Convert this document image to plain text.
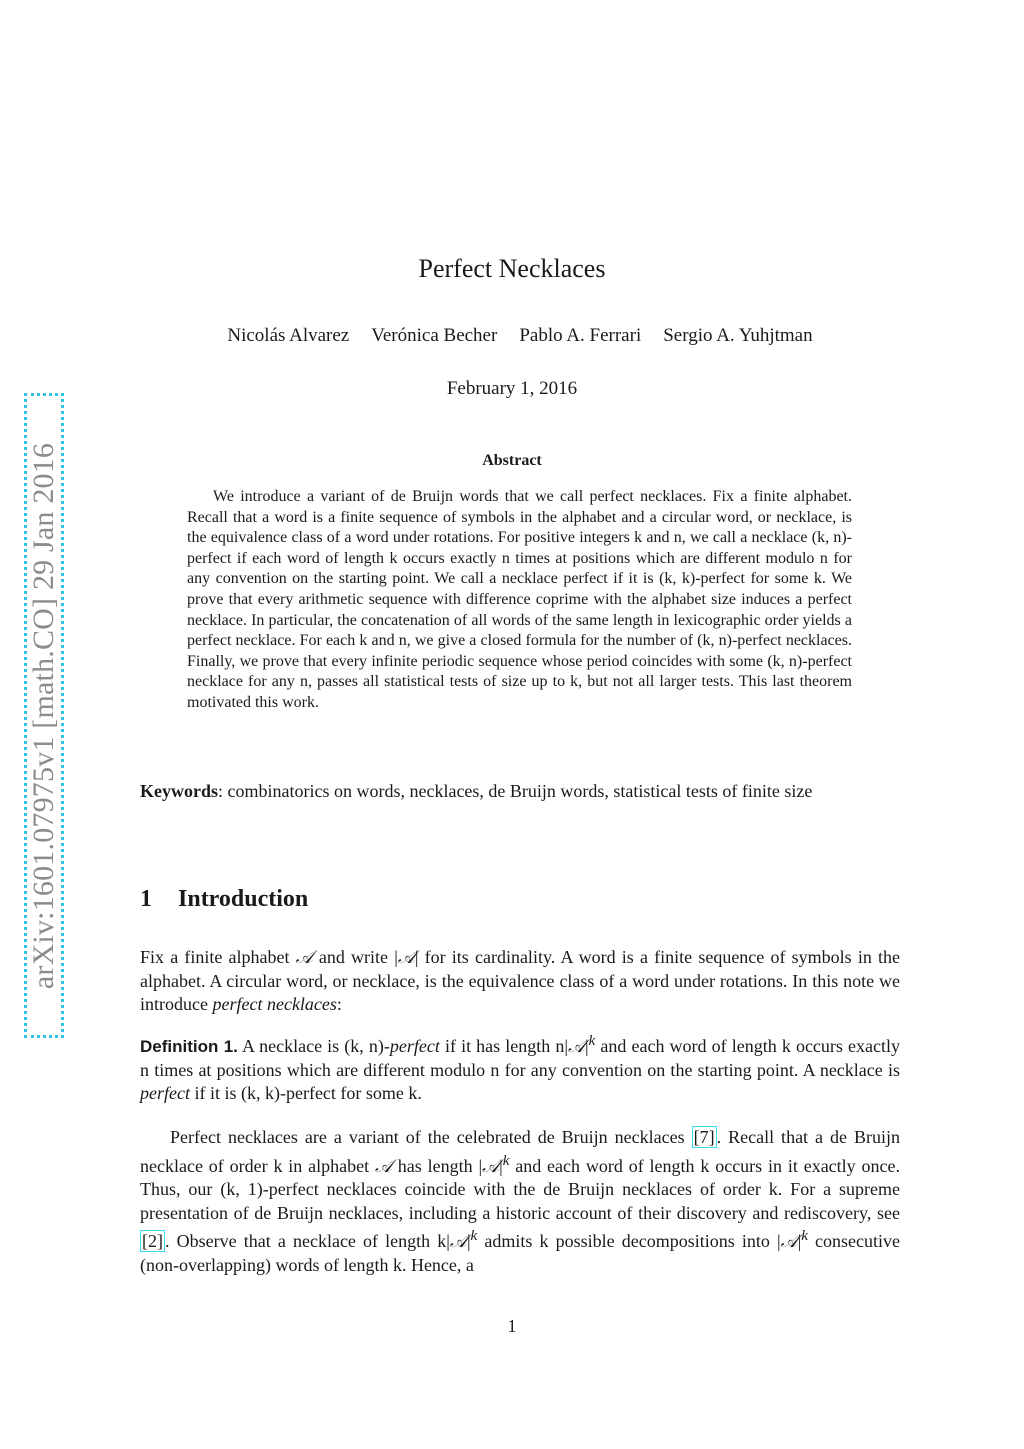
arXiv:1601.07975v1 [math.CO] 29 Jan 2016
Perfect Necklaces
Nicolás Alvarez Verónica Becher Pablo A. Ferrari Sergio A. Yuhjtman
February 1, 2016
Abstract

We introduce a variant of de Bruijn words that we call perfect necklaces. Fix a finite alphabet. Recall that a word is a finite sequence of symbols in the alphabet and a circular word, or necklace, is the equivalence class of a word under rotations. For positive integers k and n, we call a necklace (k, n)-perfect if each word of length k occurs exactly n times at positions which are different modulo n for any convention on the starting point. We call a necklace perfect if it is (k, k)-perfect for some k. We prove that every arithmetic sequence with difference coprime with the alphabet size induces a perfect necklace. In particular, the concatenation of all words of the same length in lexicographic order yields a perfect necklace. For each k and n, we give a closed formula for the number of (k, n)-perfect necklaces. Finally, we prove that every infinite periodic sequence whose period coincides with some (k, n)-perfect necklace for any n, passes all statistical tests of size up to k, but not all larger tests. This last theorem motivated this work.

Keywords: combinatorics on words, necklaces, de Bruijn words, statistical tests of finite size
1 Introduction

Fix a finite alphabet 𝒜 and write |𝒜| for its cardinality. A word is a finite sequence of symbols in the alphabet. A circular word, or necklace, is the equivalence class of a word under rotations. In this note we introduce perfect necklaces:

Definition 1. A necklace is (k, n)-perfect if it has length $n|𝒜|^k$ and each word of length k occurs exactly n times at positions which are different modulo n for any convention on the starting point. A necklace is perfect if it is (k, k)-perfect for some k.

Perfect necklaces are a variant of the celebrated de Bruijn necklaces [7] . Recall that a de Bruijn necklace of order k in alphabet 𝒜 has length $|𝒜|^k$ and each word of length k occurs in it exactly once. Thus, our (k, 1)-perfect necklaces coincide with the de Bruijn necklaces of order k. For a supreme presentation of de Bruijn necklaces, including a historic account of their discovery and rediscovery, see [2] . Observe that a necklace of length $k|𝒜|^k$ admits k possible decompositions into $|𝒜|^k$ consecutive (non-overlapping) words of length k. Hence, a

1
